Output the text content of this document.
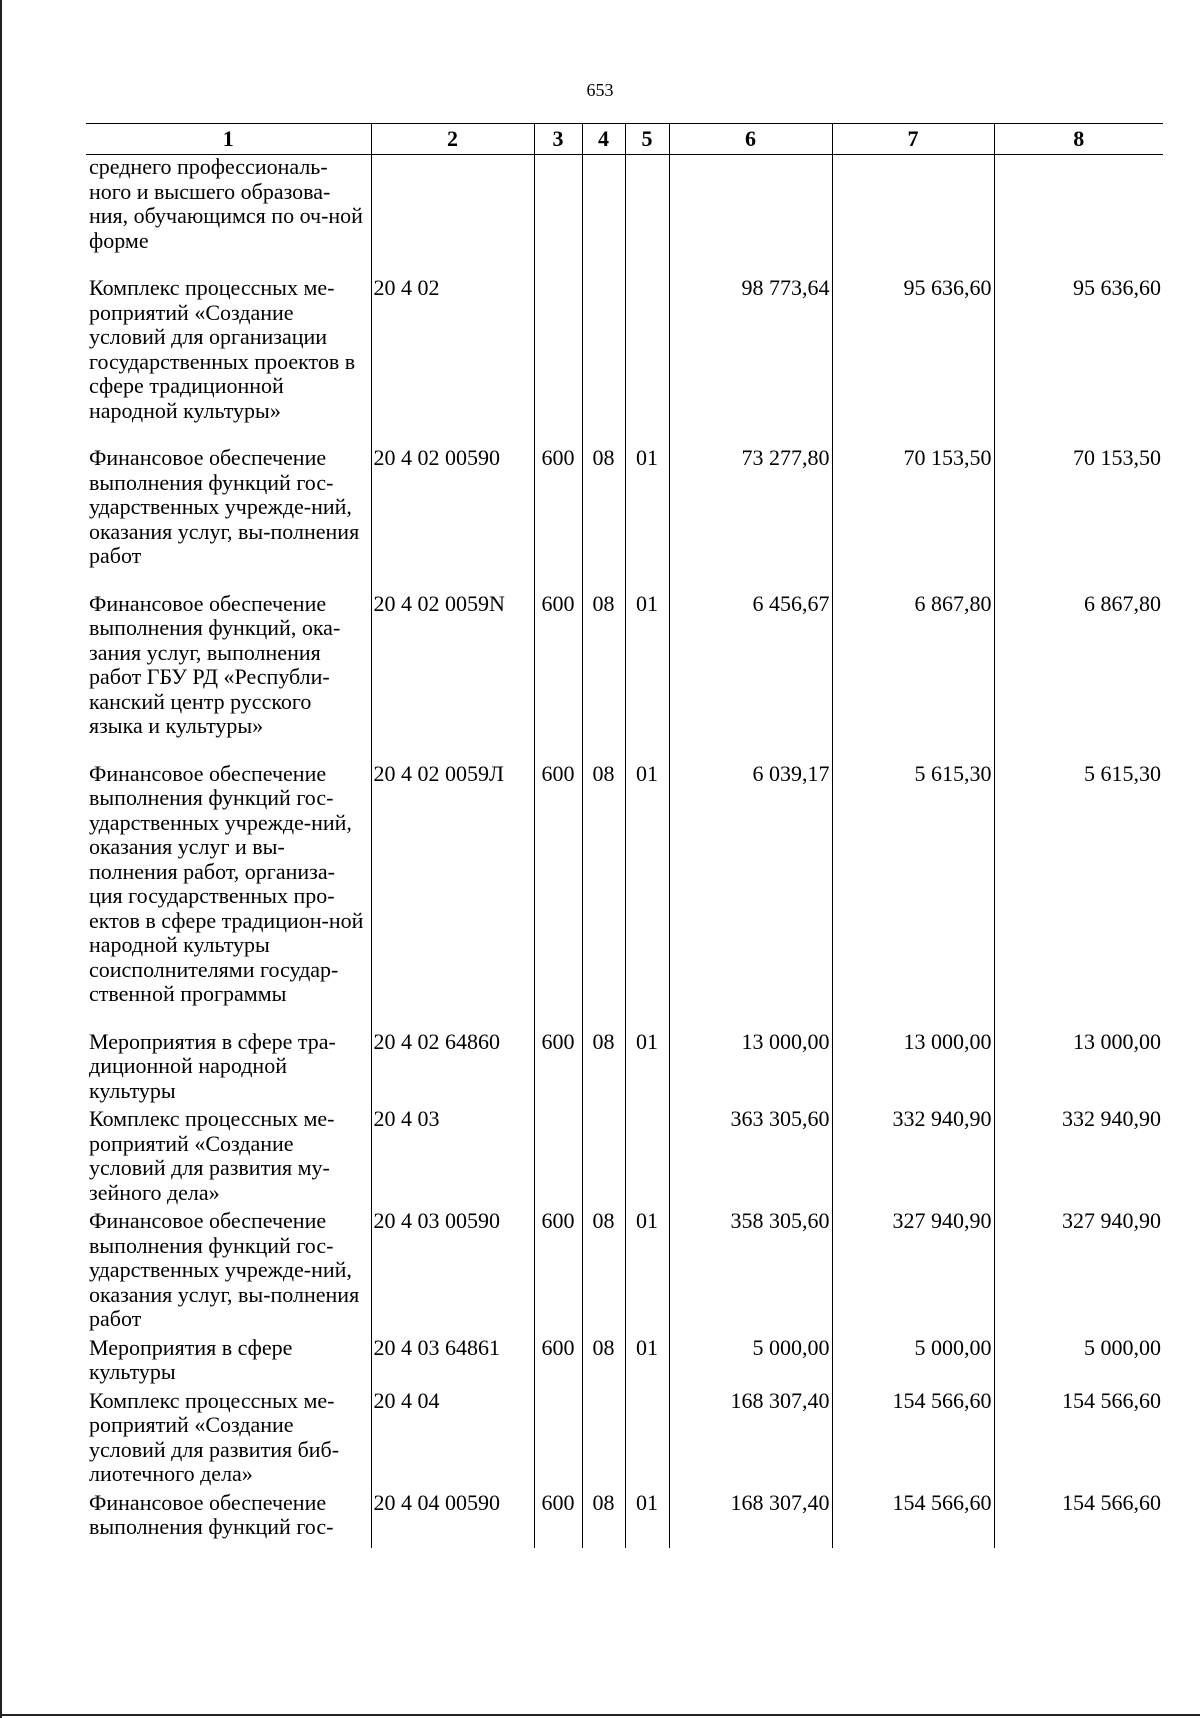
653
1	2	3	4	5	6	7	8
среднего профессиональ-ного и высшего образова-ния, обучающимся по оч-ной форме							
Комплекс процессных ме-роприятий «Создание условий для организации государственных проектов в сфере традиционной народной культуры»	20 4 02				98 773,64	95 636,60	95 636,60
Финансовое обеспечение выполнения функций гос-ударственных учрежде-ний, оказания услуг, вы-полнения работ	20 4 02 00590	600	08	01	73 277,80	70 153,50	70 153,50
Финансовое обеспечение выполнения функций, ока-зания услуг, выполнения работ ГБУ РД «Республи-канский центр русского языка и культуры»	20 4 02 0059N	600	08	01	6 456,67	6 867,80	6 867,80
Финансовое обеспечение выполнения функций гос-ударственных учрежде-ний, оказания услуг и вы-полнения работ, организа-ция государственных про-ектов в сфере традицион-ной народной культуры соисполнителями государ-ственной программы	20 4 02 0059Л	600	08	01	6 039,17	5 615,30	5 615,30
Мероприятия в сфере тра-диционной народной культуры	20 4 02 64860	600	08	01	13 000,00	13 000,00	13 000,00
Комплекс процессных ме-роприятий «Создание условий для развития му-зейного дела»	20 4 03				363 305,60	332 940,90	332 940,90
Финансовое обеспечение выполнения функций гос-ударственных учрежде-ний, оказания услуг, вы-полнения работ	20 4 03 00590	600	08	01	358 305,60	327 940,90	327 940,90
Мероприятия в сфере культуры	20 4 03 64861	600	08	01	5 000,00	5 000,00	5 000,00
Комплекс процессных ме-роприятий «Создание условий для развития биб-лиотечного дела»	20 4 04				168 307,40	154 566,60	154 566,60
Финансовое обеспечение выполнения функций гос-	20 4 04 00590	600	08	01	168 307,40	154 566,60	154 566,60
